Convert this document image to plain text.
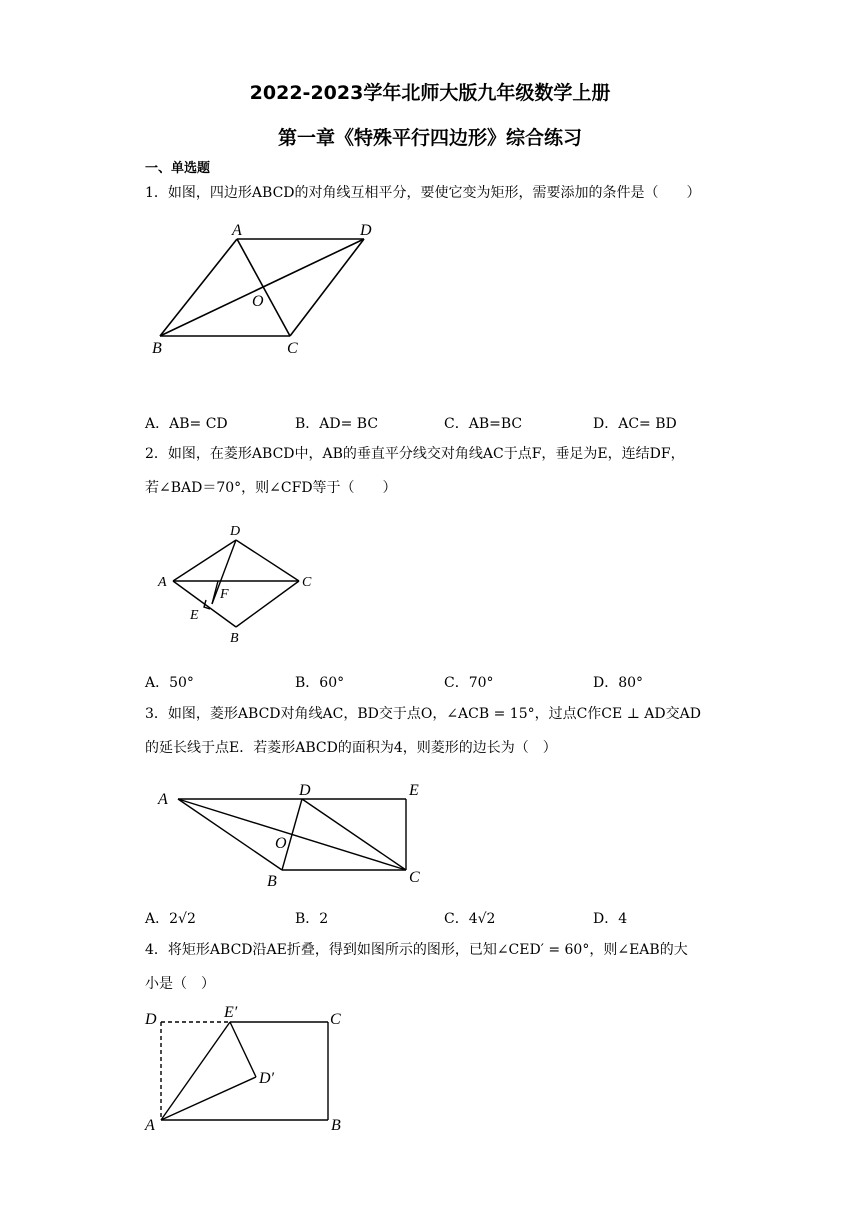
2022-2023学年北师大版九年级数学上册
第一章《特殊平行四边形》综合练习
一、单选题
1．如图，四边形ABCD的对角线互相平分，要使它变为矩形，需要添加的条件是（　　）
A	D
O
B	C
A．AB= CD	B．AD= BC	C．AB=BC	D．AC= BD
2．如图，在菱形ABCD中，AB的垂直平分线交对角线AC于点F，垂足为E，连结DF，
若∠BAD＝70°，则∠CFD等于（　　）
D
A
F
C
E
B
A．50°	B．60°	C．70°	D．80°
3．如图，菱形ABCD对角线AC，BD交于点O，∠ACB = 15°，过点C作CE ⊥ AD交AD
的延长线于点E．若菱形ABCD的面积为4，则菱形的边长为（　）
A
D	E
O
B	C
A．2√2	B．2	C．4√2	D．4
4．将矩形ABCD沿AE折叠，得到如图所示的图形，已知∠CED′ = 60°，则∠EAB的大
小是（　）
D	E′	C
D′
A	B
